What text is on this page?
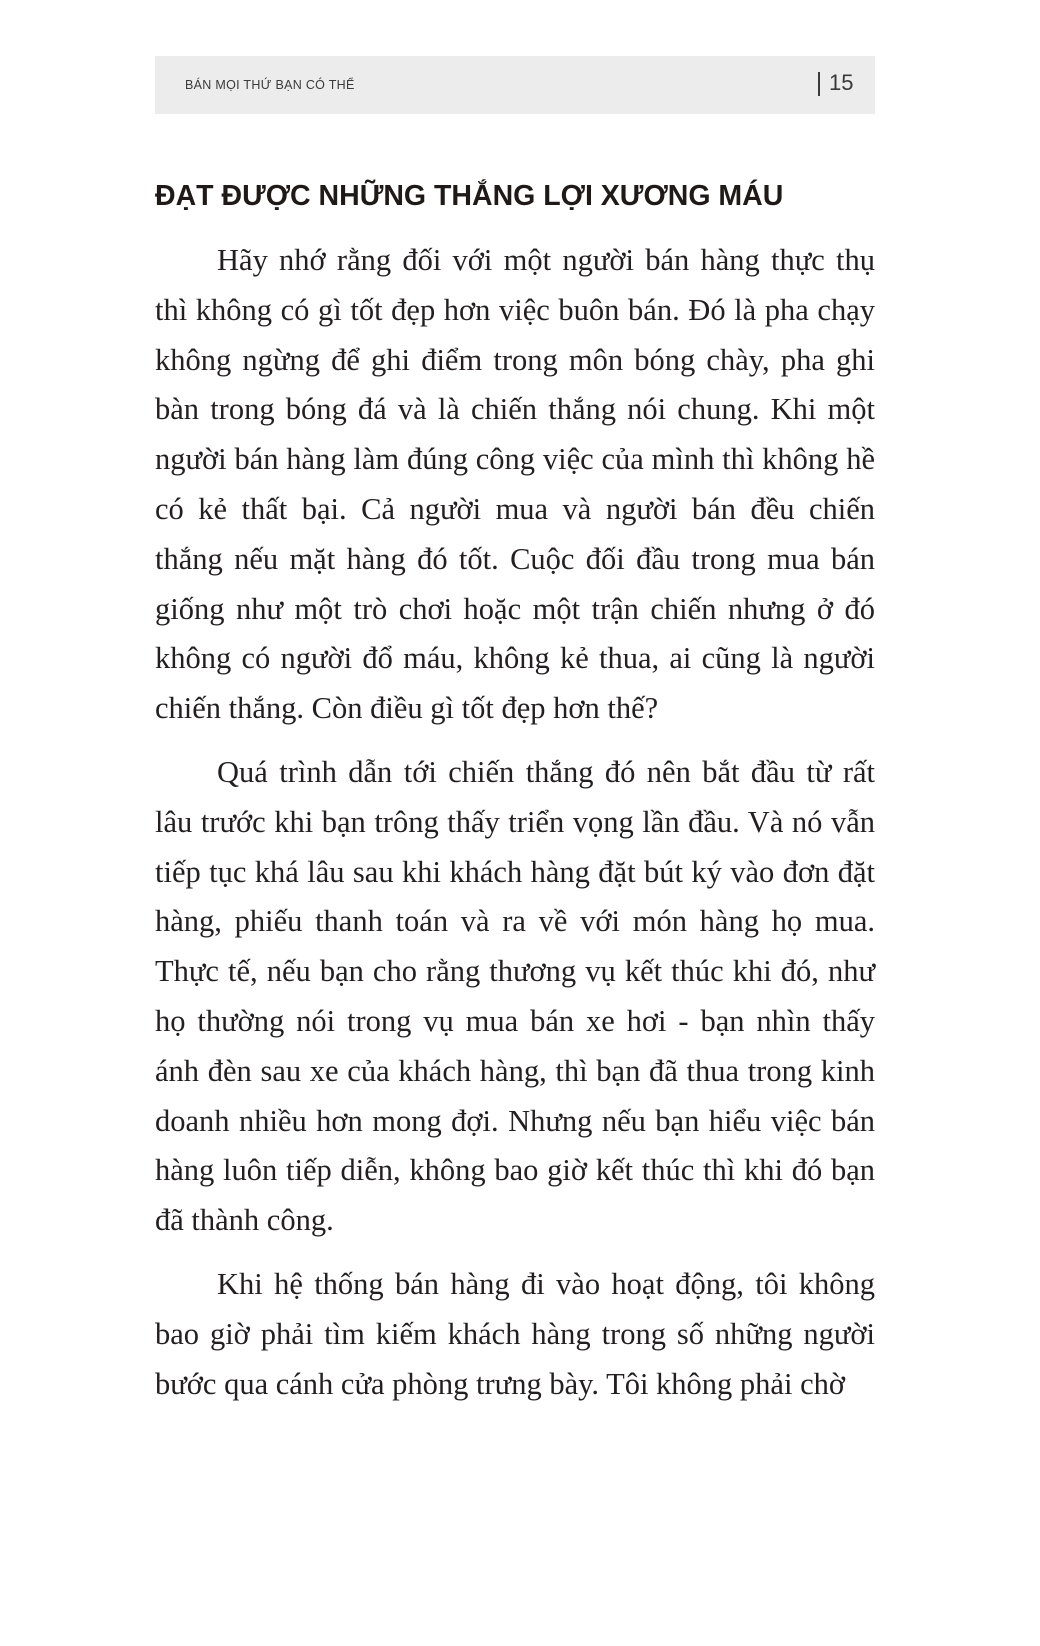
BÁN MỌI THỨ BẠN CÓ THỂ	15
ĐẠT ĐƯỢC NHỮNG THẮNG LỢI XƯƠNG MÁU

Hãy nhớ rằng đối với một người bán hàng thực thụ thì không có gì tốt đẹp hơn việc buôn bán. Đó là pha chạy không ngừng để ghi điểm trong môn bóng chày, pha ghi bàn trong bóng đá và là chiến thắng nói chung. Khi một người bán hàng làm đúng công việc của mình thì không hề có kẻ thất bại. Cả người mua và người bán đều chiến thắng nếu mặt hàng đó tốt. Cuộc đối đầu trong mua bán giống như một trò chơi hoặc một trận chiến nhưng ở đó không có người đổ máu, không kẻ thua, ai cũng là người chiến thắng. Còn điều gì tốt đẹp hơn thế?

Quá trình dẫn tới chiến thắng đó nên bắt đầu từ rất lâu trước khi bạn trông thấy triển vọng lần đầu. Và nó vẫn tiếp tục khá lâu sau khi khách hàng đặt bút ký vào đơn đặt hàng, phiếu thanh toán và ra về với món hàng họ mua. Thực tế, nếu bạn cho rằng thương vụ kết thúc khi đó, như họ thường nói trong vụ mua bán xe hơi - bạn nhìn thấy ánh đèn sau xe của khách hàng, thì bạn đã thua trong kinh doanh nhiều hơn mong đợi. Nhưng nếu bạn hiểu việc bán hàng luôn tiếp diễn, không bao giờ kết thúc thì khi đó bạn đã thành công.

Khi hệ thống bán hàng đi vào hoạt động, tôi không bao giờ phải tìm kiếm khách hàng trong số những người bước qua cánh cửa phòng trưng bày. Tôi không phải chờ
